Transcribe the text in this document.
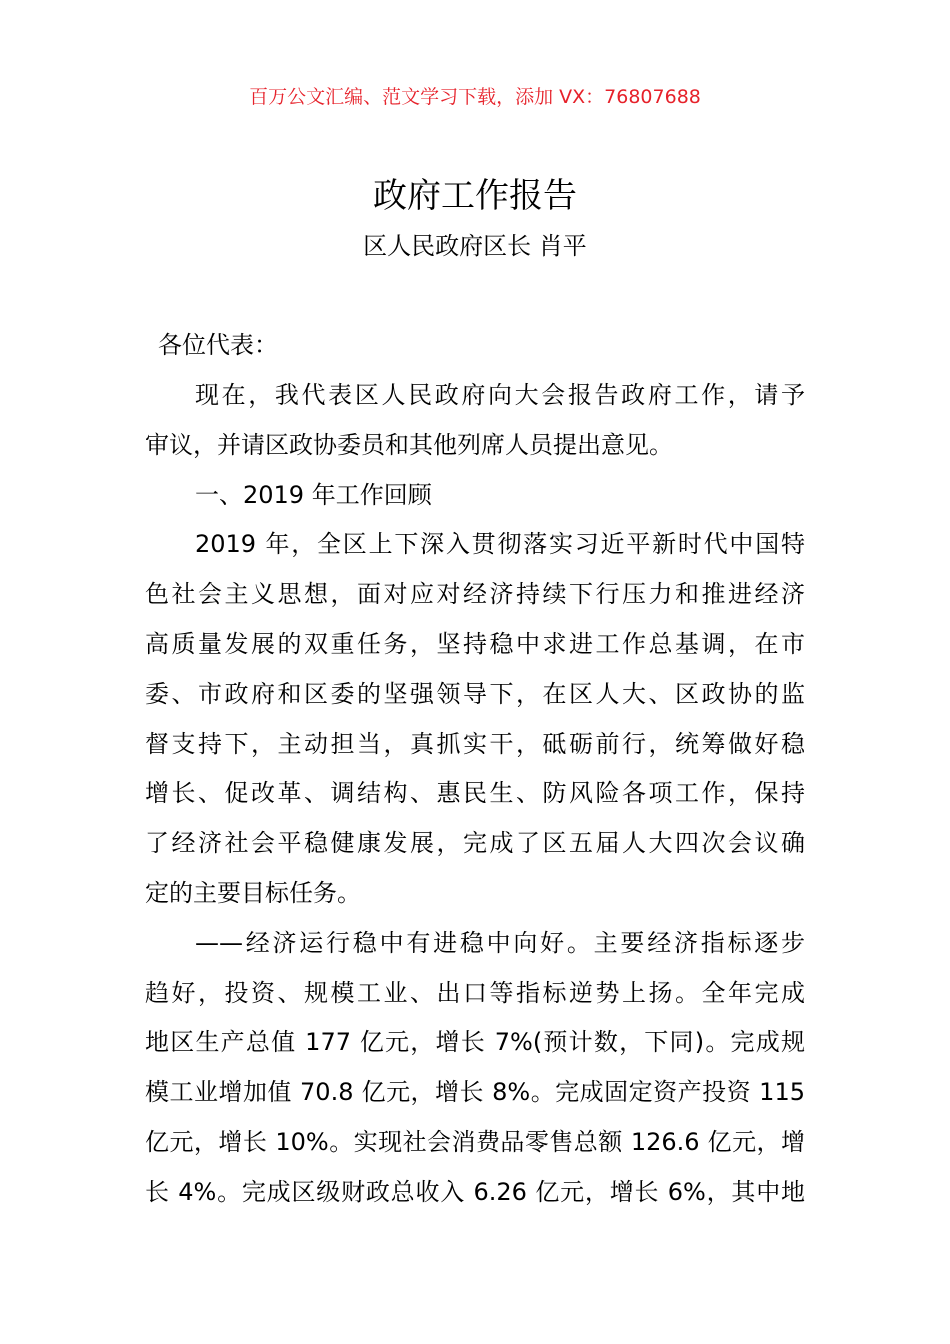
百万公文汇编、范文学习下载，添加 VX：76807688
政府工作报告
区人民政府区长 肖平
各位代表：
现在，我代表区人民政府向大会报告政府工作，请予
审议，并请区政协委员和其他列席人员提出意见。
一、2019 年工作回顾
2019 年，全区上下深入贯彻落实习近平新时代中国特
色社会主义思想，面对应对经济持续下行压力和推进经济
高质量发展的双重任务，坚持稳中求进工作总基调，在市
委、市政府和区委的坚强领导下，在区人大、区政协的监
督支持下，主动担当，真抓实干，砥砺前行，统筹做好稳
增长、促改革、调结构、惠民生、防风险各项工作，保持
了经济社会平稳健康发展，完成了区五届人大四次会议确
定的主要目标任务。
——经济运行稳中有进稳中向好。主要经济指标逐步
趋好，投资、规模工业、出口等指标逆势上扬。全年完成
地区生产总值 177 亿元，增长 7%(预计数，下同)。完成规
模工业增加值 70.8 亿元，增长 8%。完成固定资产投资 115
亿元，增长 10%。实现社会消费品零售总额 126.6 亿元，增
长 4%。完成区级财政总收入 6.26 亿元，增长 6%，其中地
